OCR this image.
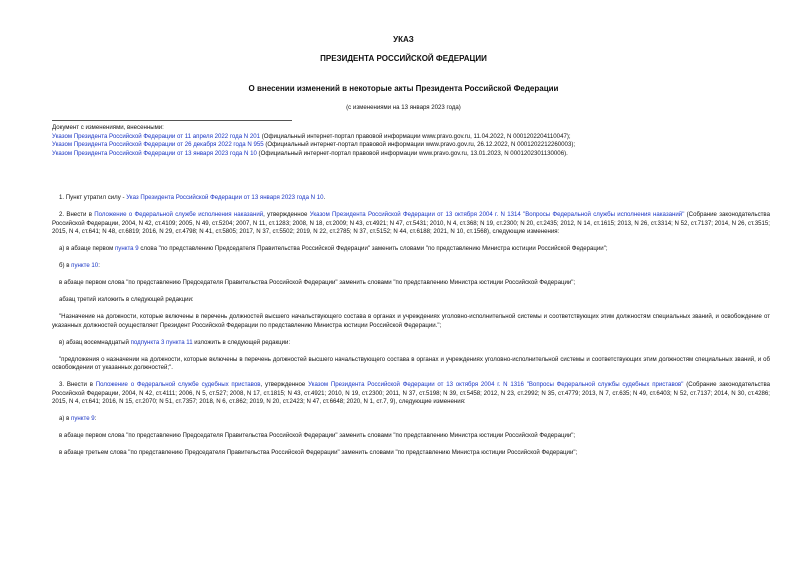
УКАЗ
ПРЕЗИДЕНТА РОССИЙСКОЙ ФЕДЕРАЦИИ
О внесении изменений в некоторые акты Президента Российской Федерации
(с изменениями на 13 января 2023 года)
Документ с изменениями, внесенными:
Указом Президента Российской Федерации от 11 апреля 2022 года N 201 (Официальный интернет-портал правовой информации www.pravo.gov.ru, 11.04.2022, N 0001202204110047);
Указом Президента Российской Федерации от 26 декабря 2022 года N 955 (Официальный интернет-портал правовой информации www.pravo.gov.ru, 26.12.2022, N 0001202212260003);
Указом Президента Российской Федерации от 13 января 2023 года N 10 (Официальный интернет-портал правовой информации www.pravo.gov.ru, 13.01.2023, N 0001202301130006).

1. Пункт утратил силу - Указ Президента Российской Федерации от 13 января 2023 года N 10.

2. Внести в Положение о Федеральной службе исполнения наказаний, утвержденное Указом Президента Российской Федерации от 13 октября 2004 г. N 1314 "Вопросы Федеральной службы исполнения наказаний" (Собрание законодательства Российской Федерации, 2004, N 42, ст.4109; 2005, N 49, ст.5204; 2007, N 11, ст.1283; 2008, N 18, ст.2009; N 43, ст.4921; N 47, ст.5431; 2010, N 4, ст.368; N 19, ст.2300; N 20, ст.2435; 2012, N 14, ст.1615; 2013, N 26, ст.3314; N 52, ст.7137; 2014, N 26, ст.3515; 2015, N 4, ст.641; N 48, ст.6819; 2016, N 29, ст.4798; N 41, ст.5805; 2017, N 37, ст.5502; 2019, N 22, ст.2785; N 37, ст.5152; N 44, ст.6188; 2021, N 10, ст.1568), следующие изменения:

а) в абзаце первом пункта 9 слова "по представлению Председателя Правительства Российской Федерации" заменить словами "по представлению Министра юстиции Российской Федерации";

б) в пункте 10:

в абзаце первом слова "по представлению Председателя Правительства Российской Федерации" заменить словами "по представлению Министра юстиции Российской Федерации";

абзац третий изложить в следующей редакции:

"Назначение на должности, которые включены в перечень должностей высшего начальствующего состава в органах и учреждениях уголовно-исполнительной системы и соответствующих этим должностям специальных званий, и освобождение от указанных должностей осуществляет Президент Российской Федерации по представлению Министра юстиции Российской Федерации.";

в) абзац восемнадцатый подпункта 3 пункта 11 изложить в следующей редакции:

"предложения о назначении на должности, которые включены в перечень должностей высшего начальствующего состава в органах и учреждениях уголовно-исполнительной системы и соответствующих этим должностям специальных званий, и об освобождении от указанных должностей;".

3. Внести в Положение о Федеральной службе судебных приставов, утвержденное Указом Президента Российской Федерации от 13 октября 2004 г. N 1316 "Вопросы Федеральной службы судебных приставов" (Собрание законодательства Российской Федерации, 2004, N 42, ст.4111; 2006, N 5, ст.527; 2008, N 17, ст.1815; N 43, ст.4921; 2010, N 19, ст.2300; 2011, N 37, ст.5198; N 39, ст.5458; 2012, N 23, ст.2992; N 35, ст.4779; 2013, N 7, ст.635; N 49, ст.6403; N 52, ст.7137; 2014, N 30, ст.4286; 2015, N 4, ст.641; 2016, N 15, ст.2070; N 51, ст.7357; 2018, N 6, ст.862; 2019, N 20, ст.2423; N 47, ст.6648; 2020, N 1, ст.7, 9), следующие изменения:

а) в пункте 9:

в абзаце первом слова "по представлению Председателя Правительства Российской Федерации" заменить словами "по представлению Министра юстиции Российской Федерации";

в абзаце третьем слова "по представлению Председателя Правительства Российской Федерации" заменить словами "по представлению Министра юстиции Российской Федерации";
